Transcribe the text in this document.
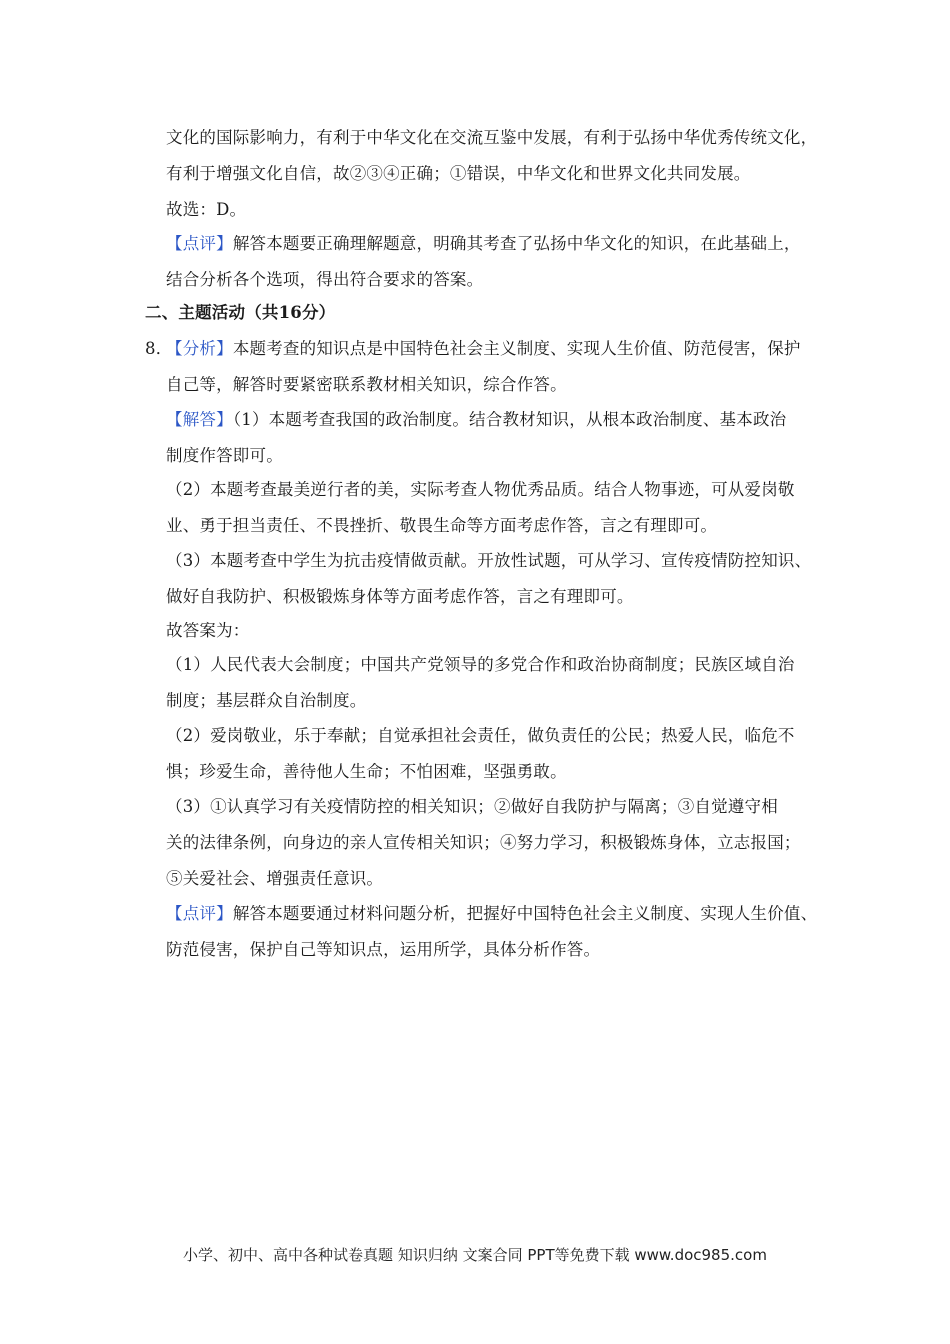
文化的国际影响力，有利于中华文化在交流互鉴中发展，有利于弘扬中华优秀传统文化，
有利于增强文化自信，故②③④正确；①错误，中华文化和世界文化共同发展。
故选：D。
【点评】解答本题要正确理解题意，明确其考查了弘扬中华文化的知识，在此基础上，
结合分析各个选项，得出符合要求的答案。
二、主题活动（共16分）
8．
【分析】本题考查的知识点是中国特色社会主义制度、实现人生价值、防范侵害，保护
自己等，解答时要紧密联系教材相关知识，综合作答。
【解答】（1）本题考查我国的政治制度。结合教材知识，从根本政治制度、基本政治
制度作答即可。
（2）本题考查最美逆行者的美，实际考查人物优秀品质。结合人物事迹，可从爱岗敬
业、勇于担当责任、不畏挫折、敬畏生命等方面考虑作答，言之有理即可。
（3）本题考查中学生为抗击疫情做贡献。开放性试题，可从学习、宣传疫情防控知识、
做好自我防护、积极锻炼身体等方面考虑作答，言之有理即可。
故答案为：
（1）人民代表大会制度；中国共产党领导的多党合作和政治协商制度；民族区域自治
制度；基层群众自治制度。
（2）爱岗敬业，乐于奉献；自觉承担社会责任，做负责任的公民；热爱人民，临危不
惧；珍爱生命，善待他人生命；不怕困难，坚强勇敢。
（3）①认真学习有关疫情防控的相关知识；②做好自我防护与隔离；③自觉遵守相
关的法律条例，向身边的亲人宣传相关知识；④努力学习，积极锻炼身体，立志报国；
⑤关爱社会、增强责任意识。
【点评】解答本题要通过材料问题分析，把握好中国特色社会主义制度、实现人生价值、
防范侵害，保护自己等知识点，运用所学，具体分析作答。
小学、初中、高中各种试卷真题 知识归纳 文案合同 PPT等免费下载 www.doc985.com
